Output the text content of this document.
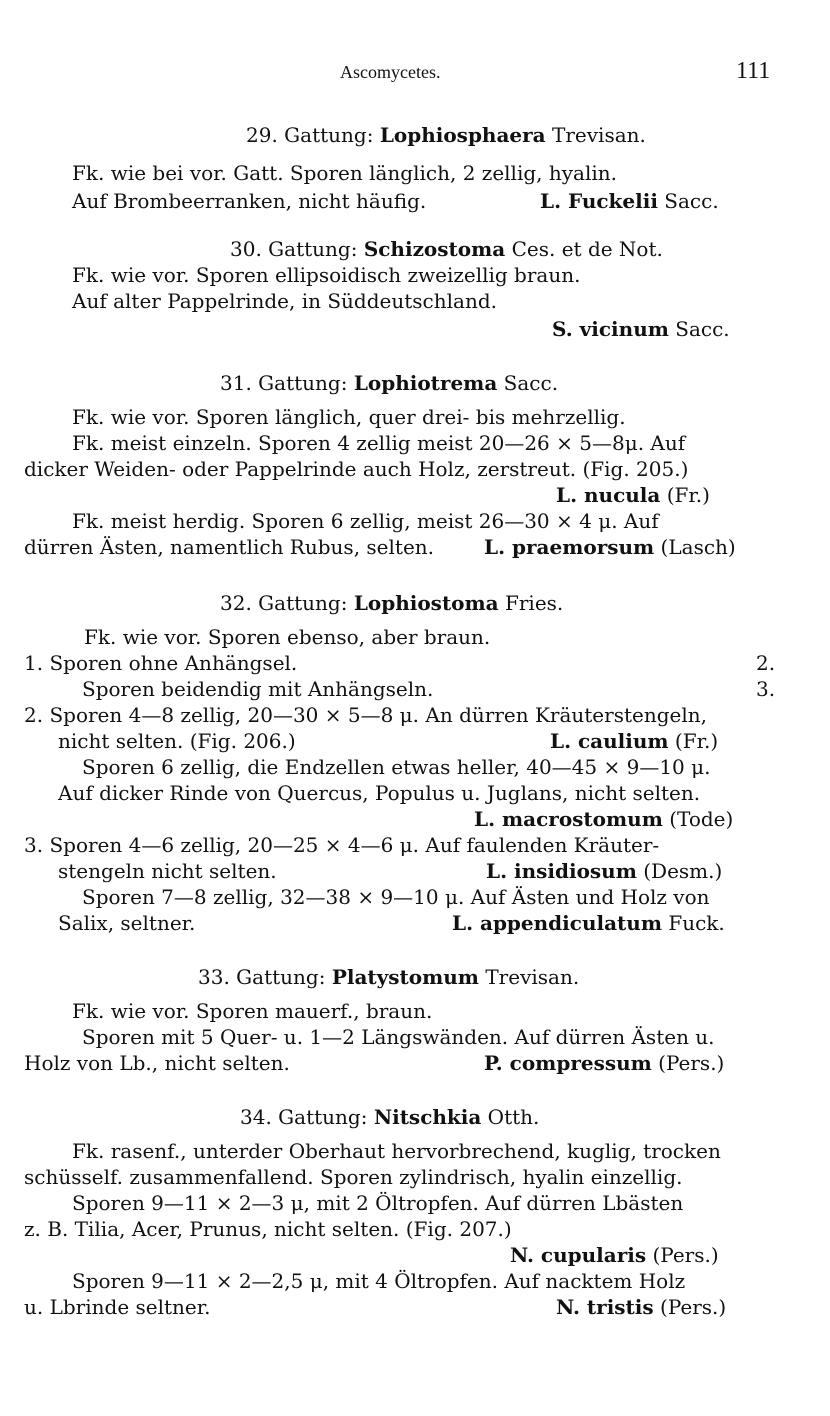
Ascomycetes.	111
29. Gattung: Lophiosphaera Trevisan.
Fk. wie bei vor. Gatt. Sporen länglich, 2 zellig, hyalin.
Auf Brombeerranken, nicht häufig.	L. Fuckelii Sacc.
30. Gattung: Schizostoma Ces. et de Not.
Fk. wie vor. Sporen ellipsoidisch zweizellig braun.
Auf alter Pappelrinde, in Süddeutschland.
S. vicinum Sacc.
31. Gattung: Lophiotrema Sacc.
Fk. wie vor. Sporen länglich, quer drei- bis mehrzellig.
Fk. meist einzeln. Sporen 4 zellig meist 20—26 × 5—8μ. Auf
dicker Weiden- oder Pappelrinde auch Holz, zerstreut. (Fig. 205.)
L. nucula (Fr.)
Fk. meist herdig. Sporen 6 zellig, meist 26—30 × 4 μ. Auf
dürren Ästen, namentlich Rubus, selten. L. praemorsum (Lasch)
32. Gattung: Lophiostoma Fries.
Fk. wie vor. Sporen ebenso, aber braun.
1. Sporen ohne Anhängsel.	2.
Sporen beidendig mit Anhängseln.	3.
2. Sporen 4—8 zellig, 20—30 × 5—8 μ. An dürren Kräuterstengeln,
nicht selten. (Fig. 206.)	L. caulium (Fr.)
Sporen 6 zellig, die Endzellen etwas heller, 40—45 × 9—10 μ.
Auf dicker Rinde von Quercus, Populus u. Juglans, nicht selten.
L. macrostomum (Tode)
3. Sporen 4—6 zellig, 20—25 × 4—6 μ. Auf faulenden Kräuter-
stengeln nicht selten.	L. insidiosum (Desm.)
Sporen 7—8 zellig, 32—38 × 9—10 μ. Auf Ästen und Holz von
Salix, seltner.	L. appendiculatum Fuck.
33. Gattung: Platystomum Trevisan.
Fk. wie vor. Sporen mauerf., braun.
Sporen mit 5 Quer- u. 1—2 Längswänden. Auf dürren Ästen u.
Holz von Lb., nicht selten.	P. compressum (Pers.)
34. Gattung: Nitschkia Otth.
Fk. rasenf., unterder Oberhaut hervorbrechend, kuglig, trocken
schüsself. zusammenfallend. Sporen zylindrisch, hyalin einzellig.
Sporen 9—11 × 2—3 μ, mit 2 Öltropfen. Auf dürren Lbästen
z. B. Tilia, Acer, Prunus, nicht selten. (Fig. 207.)
N. cupularis (Pers.)
Sporen 9—11 × 2—2,5 μ, mit 4 Öltropfen. Auf nacktem Holz
u. Lbrinde seltner.	N. tristis (Pers.)
